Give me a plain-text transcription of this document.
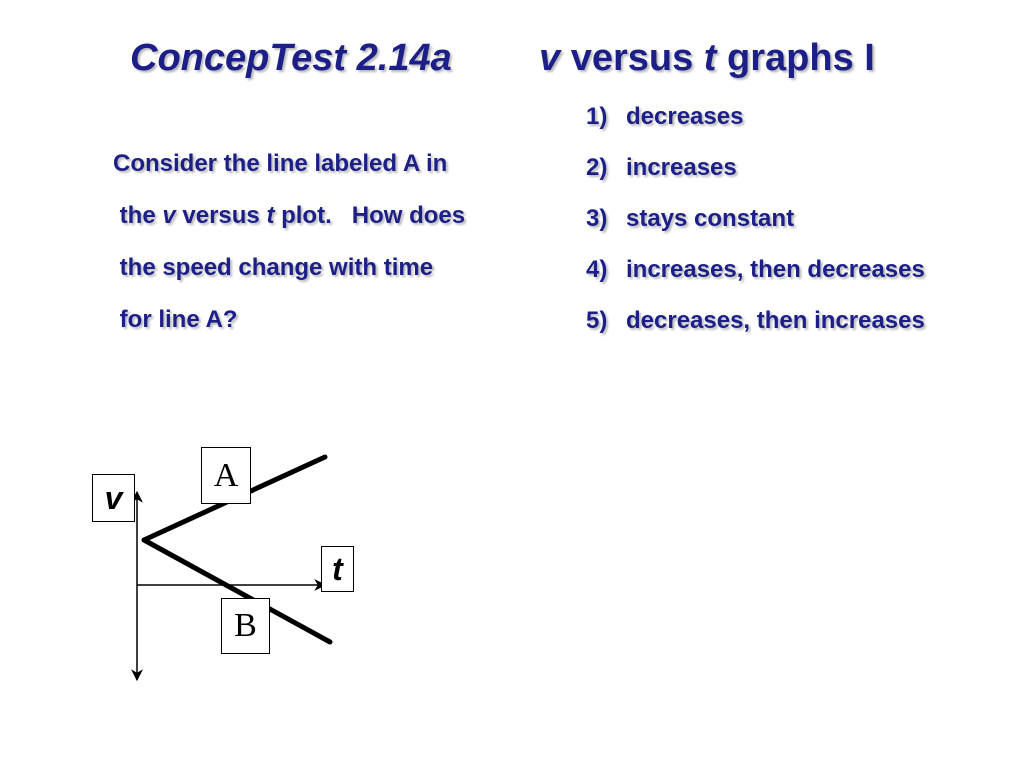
ConcepTest 2.14a v versus t graphs I
Consider the line labeled A in
the v versus t plot.   How does
the speed change with time
for line A?
1) decreases
2) increases
3) stays constant
4) increases, then decreases
5) decreases, then increases
A
B
v
t
